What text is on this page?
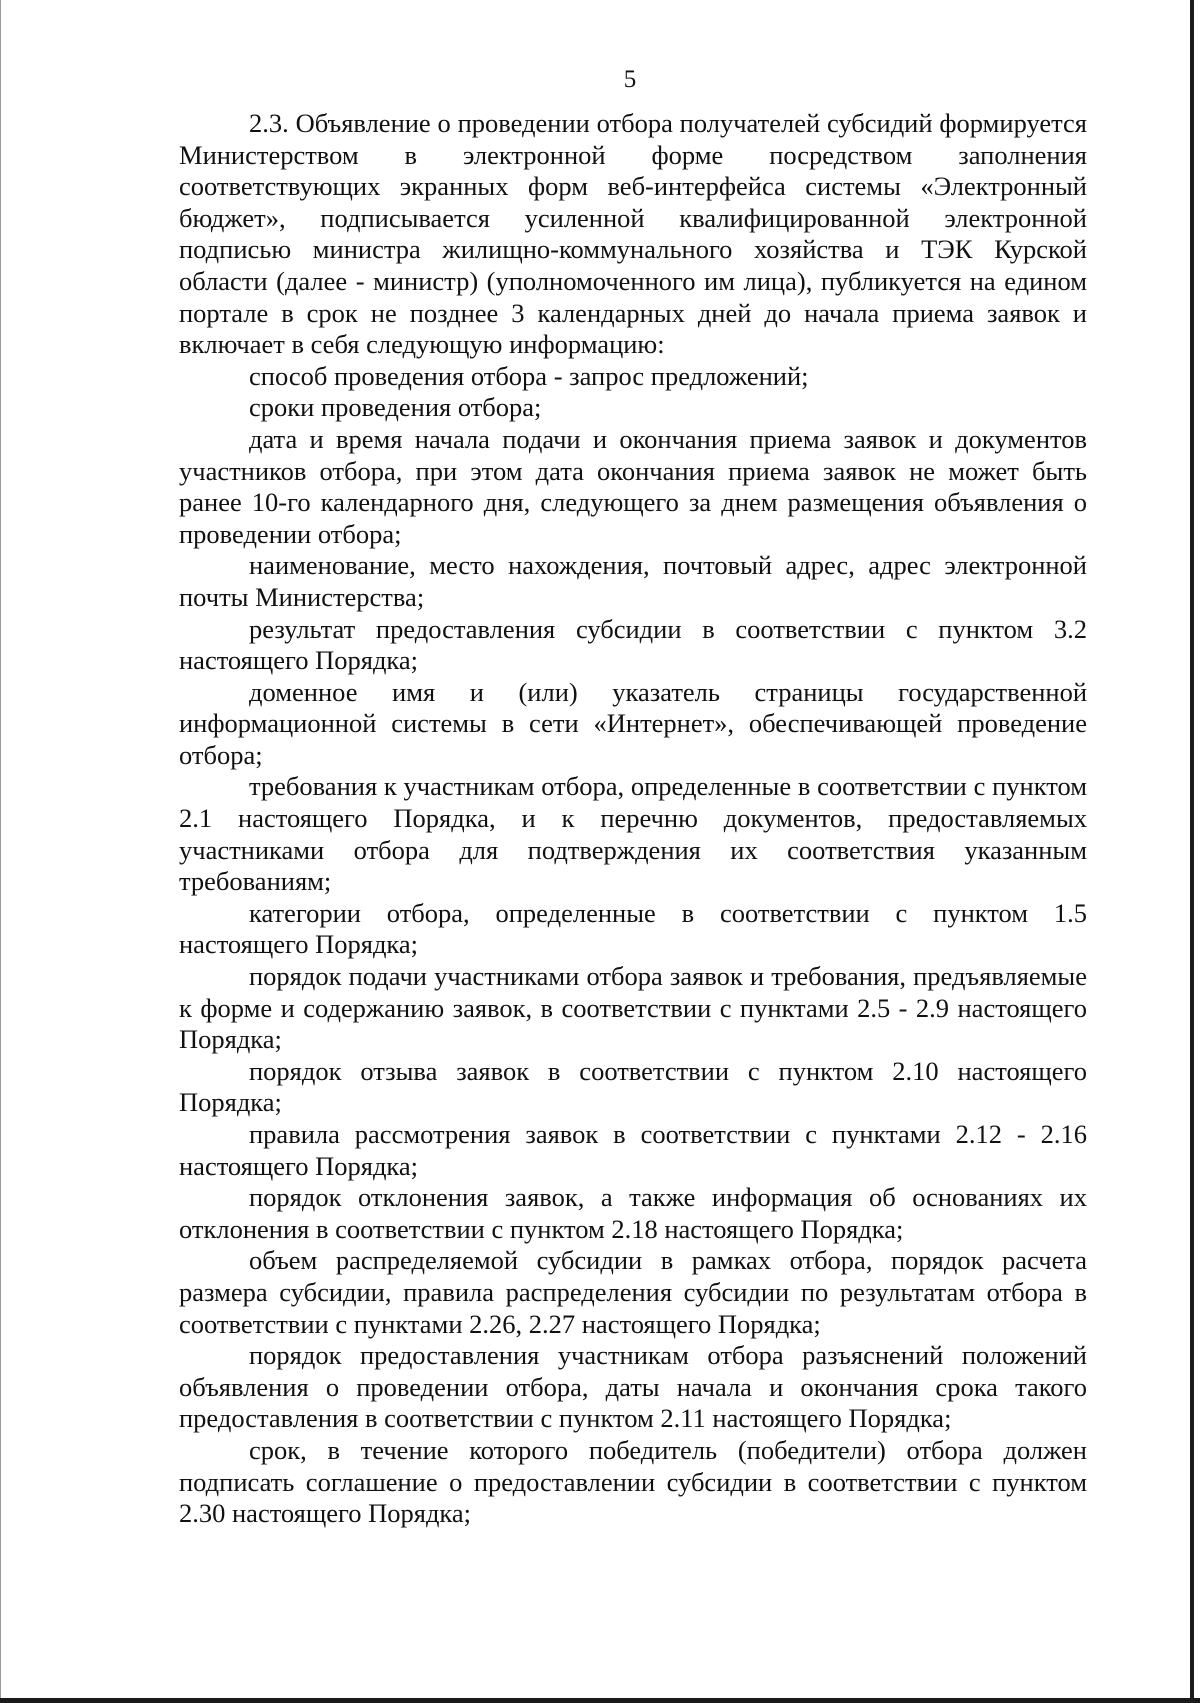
5

2.3. Объявление о проведении отбора получателей субсидий формируется Министерством в электронной форме посредством заполнения соответствующих экранных форм веб-интерфейса системы «Электронный бюджет», подписывается усиленной квалифицированной электронной подписью министра жилищно-коммунального хозяйства и ТЭК Курской области (далее - министр) (уполномоченного им лица), публикуется на едином портале в срок не позднее 3 календарных дней до начала приема заявок и включает в себя следующую информацию:

способ проведения отбора - запрос предложений;

сроки проведения отбора;

дата и время начала подачи и окончания приема заявок и документов участников отбора, при этом дата окончания приема заявок не может быть ранее 10-го календарного дня, следующего за днем размещения объявления о проведении отбора;

наименование, место нахождения, почтовый адрес, адрес электронной почты Министерства;

результат предоставления субсидии в соответствии с пунктом 3.2 настоящего Порядка;

доменное имя и (или) указатель страницы государственной информационной системы в сети «Интернет», обеспечивающей проведение отбора;

требования к участникам отбора, определенные в соответствии с пунктом 2.1 настоящего Порядка, и к перечню документов, предоставляемых участниками отбора для подтверждения их соответствия указанным требованиям;

категории отбора, определенные в соответствии с пунктом 1.5 настоящего Порядка;

порядок подачи участниками отбора заявок и требования, предъявляемые к форме и содержанию заявок, в соответствии с пунктами 2.5 - 2.9 настоящего Порядка;

порядок отзыва заявок в соответствии с пунктом 2.10 настоящего Порядка;

правила рассмотрения заявок в соответствии с пунктами 2.12 - 2.16 настоящего Порядка;

порядок отклонения заявок, а также информация об основаниях их отклонения в соответствии с пунктом 2.18 настоящего Порядка;

объем распределяемой субсидии в рамках отбора, порядок расчета размера субсидии, правила распределения субсидии по результатам отбора в соответствии с пунктами 2.26, 2.27 настоящего Порядка;

порядок предоставления участникам отбора разъяснений положений объявления о проведении отбора, даты начала и окончания срока такого предоставления в соответствии с пунктом 2.11 настоящего Порядка;

срок, в течение которого победитель (победители) отбора должен подписать соглашение о предоставлении субсидии в соответствии с пунктом 2.30 настоящего Порядка;
